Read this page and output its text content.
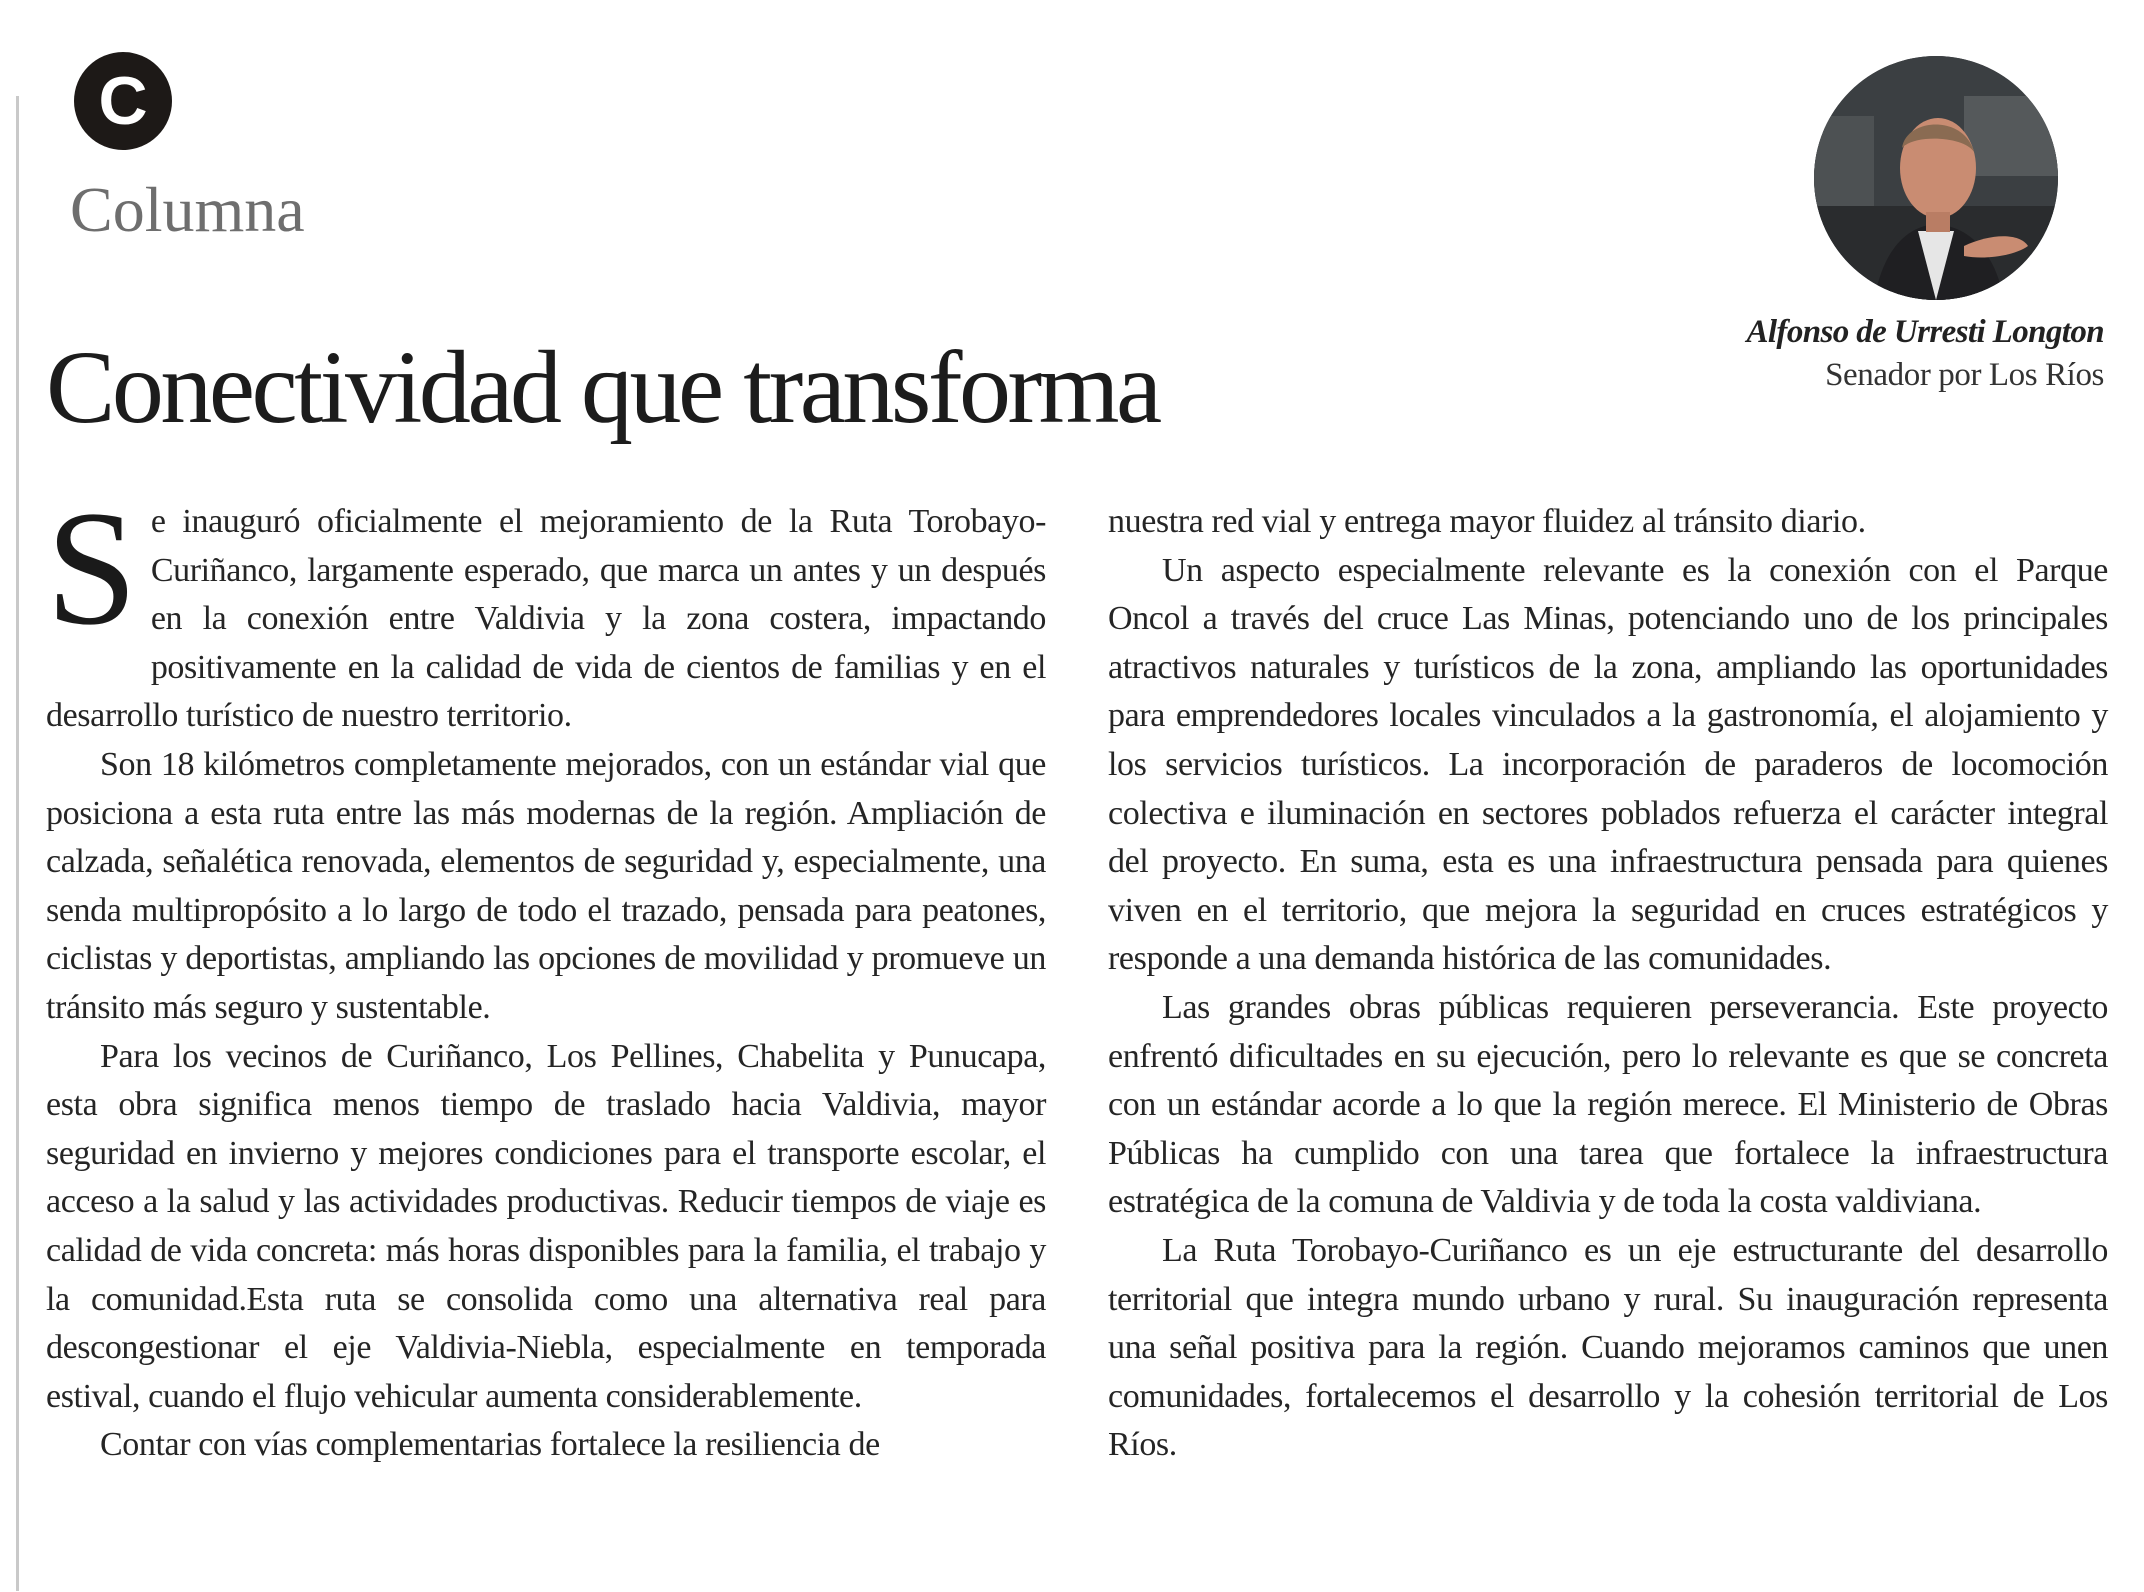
C
Columna
Conectividad que transforma	Alfonso de Urresti Longton
Senador por Los Ríos

Se inauguró oficialmente el mejoramiento de la Ruta Torobayo-Curiñanco, largamente esperado, que marca un antes y un después en la conexión entre Valdivia y la zona costera, impactando positivamente en la calidad de vida de cientos de familias y en el desarrollo turístico de nuestro territorio.

Son 18 kilómetros completamente mejorados, con un estándar vial que posiciona a esta ruta entre las más modernas de la región. Ampliación de calzada, señalética renovada, elementos de seguridad y, especialmente, una senda multipropósito a lo largo de todo el trazado, pensada para peatones, ciclistas y deportistas, ampliando las opciones de movilidad y promueve un tránsito más seguro y sustentable.

Para los vecinos de Curiñanco, Los Pellines, Chabelita y Punucapa, esta obra significa menos tiempo de traslado hacia Valdivia, mayor seguridad en invierno y mejores condiciones para el transporte escolar, el acceso a la salud y las actividades productivas. Reducir tiempos de viaje es calidad de vida concreta: más horas disponibles para la familia, el trabajo y la comunidad.Esta ruta se consolida como una alternativa real para descongestionar el eje Valdivia-Niebla, especialmente en temporada estival, cuando el flujo vehicular aumenta considerablemente.

Contar con vías complementarias fortalece la resiliencia de

nuestra red vial y entrega mayor fluidez al tránsito diario.

Un aspecto especialmente relevante es la conexión con el Parque Oncol a través del cruce Las Minas, potenciando uno de los principales atractivos naturales y turísticos de la zona, ampliando las oportunidades para emprendedores locales vinculados a la gastronomía, el alojamiento y los servicios turísticos. La incorporación de paraderos de locomoción colectiva e iluminación en sectores poblados refuerza el carácter integral del proyecto. En suma, esta es una infraestructura pensada para quienes viven en el territorio, que mejora la seguridad en cruces estratégicos y responde a una demanda histórica de las comunidades.

Las grandes obras públicas requieren perseverancia. Este proyecto enfrentó dificultades en su ejecución, pero lo relevante es que se concreta con un estándar acorde a lo que la región merece. El Ministerio de Obras Públicas ha cumplido con una tarea que fortalece la infraestructura estratégica de la comuna de Valdivia y de toda la costa valdiviana.

La Ruta Torobayo-Curiñanco es un eje estructurante del desarrollo territorial que integra mundo urbano y rural. Su inauguración representa una señal positiva para la región. Cuando mejoramos caminos que unen comunidades, fortalecemos el desarrollo y la cohesión territorial de Los Ríos.
